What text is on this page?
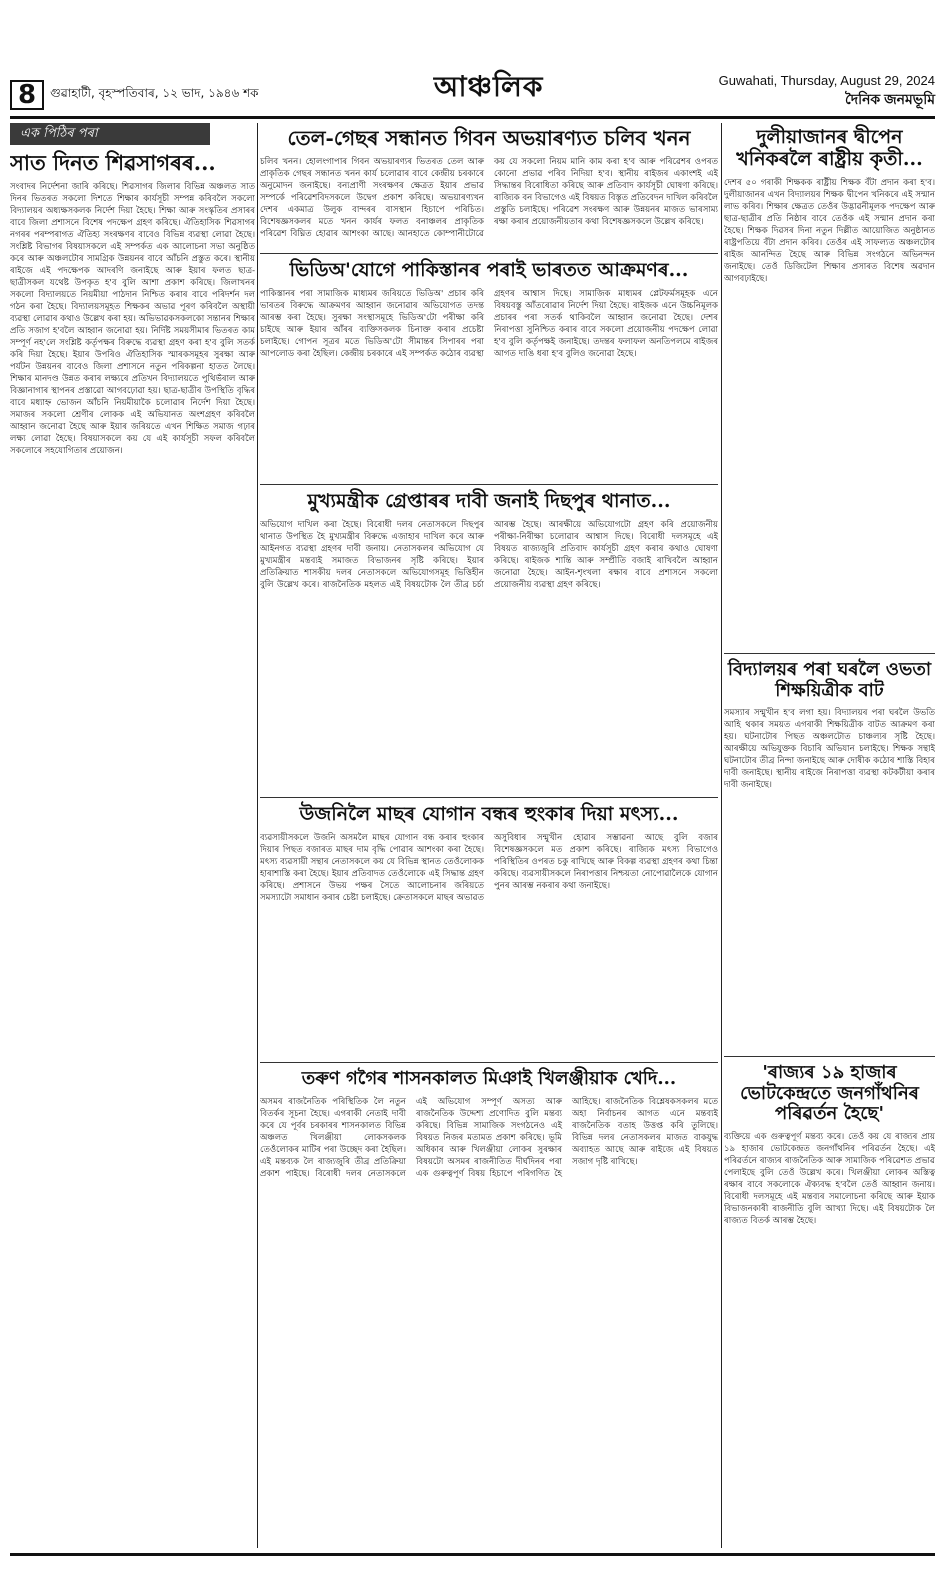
8	গুৱাহাটী, বৃহস্পতিবাৰ, ১২ ভাদ, ১৯৪৬ শক	আঞ্চলিক	Guwahati, Thursday, August 29, 2024
দৈনিক জনমভূমি
এক পিঠিৰ পৰা
সাত দিনত শিৱসাগৰৰ...

সংবাদৰ নিৰ্দেশনা জাৰি কৰিছে। শিৱসাগৰ জিলাৰ বিভিন্ন অঞ্চলত সাত দিনৰ ভিতৰত সকলো দিশতে শিক্ষাৰ কাৰ্যসূচী সম্পন্ন কৰিবলৈ সকলো বিদ্যালয়ৰ অধ্যক্ষসকলক নিৰ্দেশ দিয়া হৈছে। শিক্ষা আৰু সংস্কৃতিৰ প্ৰসাৰৰ বাবে জিলা প্ৰশাসনে বিশেষ পদক্ষেপ গ্ৰহণ কৰিছে। ঐতিহাসিক শিৱসাগৰ নগৰৰ পৰম্পৰাগত ঐতিহ্য সংৰক্ষণৰ বাবেও বিভিন্ন ব্যৱস্থা লোৱা হৈছে। সংশ্লিষ্ট বিভাগৰ বিষয়াসকলে এই সম্পৰ্কত এক আলোচনা সভা অনুষ্ঠিত কৰে আৰু অঞ্চলটোৰ সামগ্ৰিক উন্নয়নৰ বাবে আঁচনি প্ৰস্তুত কৰে। স্থানীয় ৰাইজে এই পদক্ষেপক আদৰণি জনাইছে আৰু ইয়াৰ ফলত ছাত্ৰ-ছাত্ৰীসকল যথেষ্ট উপকৃত হ'ব বুলি আশা প্ৰকাশ কৰিছে। জিলাখনৰ সকলো বিদ্যালয়তে নিয়মীয়া পাঠদান নিশ্চিত কৰাৰ বাবে পৰিদৰ্শন দল গঠন কৰা হৈছে। বিদ্যালয়সমূহত শিক্ষকৰ অভাৱ পূৰণ কৰিবলৈ অস্থায়ী ব্যৱস্থা লোৱাৰ কথাও উল্লেখ কৰা হয়। অভিভাৱকসকলকো সন্তানৰ শিক্ষাৰ প্ৰতি সজাগ হ'বলৈ আহ্বান জনোৱা হয়। নিৰ্দিষ্ট সময়সীমাৰ ভিতৰত কাম সম্পূৰ্ণ নহ'লে সংশ্লিষ্ট কৰ্তৃপক্ষৰ বিৰুদ্ধে ব্যৱস্থা গ্ৰহণ কৰা হ'ব বুলি সতৰ্ক কৰি দিয়া হৈছে। ইয়াৰ উপৰিও ঐতিহাসিক স্মাৰকসমূহৰ সুৰক্ষা আৰু পৰ্যটন উন্নয়নৰ বাবেও জিলা প্ৰশাসনে নতুন পৰিকল্পনা হাতত লৈছে। শিক্ষাৰ মানদণ্ড উন্নত কৰাৰ লক্ষ্যৰে প্ৰতিখন বিদ্যালয়তে পুথিভঁৰাল আৰু বিজ্ঞানাগাৰ স্থাপনৰ প্ৰস্তাৱো আগবঢ়োৱা হয়। ছাত্ৰ-ছাত্ৰীৰ উপস্থিতি বৃদ্ধিৰ বাবে মধ্যাহ্ন ভোজন আঁচনি নিয়মীয়াকৈ চলোৱাৰ নিৰ্দেশ দিয়া হৈছে। সমাজৰ সকলো শ্ৰেণীৰ লোকক এই অভিযানত অংশগ্ৰহণ কৰিবলৈ আহ্বান জনোৱা হৈছে আৰু ইয়াৰ জৰিয়তে এখন শিক্ষিত সমাজ গঢ়াৰ লক্ষ্য লোৱা হৈছে। বিষয়াসকলে কয় যে এই কাৰ্যসূচী সফল কৰিবলৈ সকলোৰে সহযোগিতাৰ প্ৰয়োজন।

তেল-গেছৰ সন্ধানত গিবন অভয়াৰণ্যত চলিব খনন

চলিব খনন। হোলংগাপাৰ গিবন অভয়াৰণ্যৰ ভিতৰত তেল আৰু প্ৰাকৃতিক গেছৰ সন্ধানত খনন কাৰ্য চলোৱাৰ বাবে কেন্দ্ৰীয় চৰকাৰে অনুমোদন জনাইছে। বন্যপ্ৰাণী সংৰক্ষণৰ ক্ষেত্ৰত ইয়াৰ প্ৰভাৱ সম্পৰ্কে পৰিৱেশবিদসকলে উদ্বেগ প্ৰকাশ কৰিছে। অভয়াৰণ্যখন দেশৰ একমাত্ৰ উলুক বান্দৰৰ বাসস্থান হিচাপে পৰিচিত। বিশেষজ্ঞসকলৰ মতে খনন কাৰ্যৰ ফলত বনাঞ্চলৰ প্ৰাকৃতিক পৰিৱেশ বিঘ্নিত হোৱাৰ আশংকা আছে। আনহাতে কোম্পানীটোৱে কয় যে সকলো নিয়ম মানি কাম কৰা হ'ব আৰু পৰিৱেশৰ ওপৰত কোনো প্ৰভাৱ পৰিব নিদিয়া হ'ব। স্থানীয় ৰাইজৰ একাংশই এই সিদ্ধান্তৰ বিৰোধিতা কৰিছে আৰু প্ৰতিবাদ কাৰ্যসূচী ঘোষণা কৰিছে। ৰাজ্যিক বন বিভাগেও এই বিষয়ত বিস্তৃত প্ৰতিবেদন দাখিল কৰিবলৈ প্ৰস্তুতি চলাইছে। পৰিৱেশ সংৰক্ষণ আৰু উন্নয়নৰ মাজত ভাৰসাম্য ৰক্ষা কৰাৰ প্ৰয়োজনীয়তাৰ কথা বিশেষজ্ঞসকলে উল্লেখ কৰিছে।

ভিডিঅ'যোগে পাকিস্তানৰ পৰাই ভাৰতত আক্ৰমণৰ...

পাকিস্তানৰ পৰা সামাজিক মাধ্যমৰ জৰিয়তে ভিডিঅ' প্ৰচাৰ কৰি ভাৰতৰ বিৰুদ্ধে আক্ৰমণৰ আহ্বান জনোৱাৰ অভিযোগত তদন্ত আৰম্ভ কৰা হৈছে। সুৰক্ষা সংস্থাসমূহে ভিডিঅ'টো পৰীক্ষা কৰি চাইছে আৰু ইয়াৰ আঁৰৰ ব্যক্তিসকলক চিনাক্ত কৰাৰ প্ৰচেষ্টা চলাইছে। গোপন সূত্ৰৰ মতে ভিডিঅ'টো সীমান্তৰ সিপাৰৰ পৰা আপলোড কৰা হৈছিল। কেন্দ্ৰীয় চৰকাৰে এই সম্পৰ্কত কঠোৰ ব্যৱস্থা গ্ৰহণৰ আশ্বাস দিছে। সামাজিক মাধ্যমৰ প্লেটফৰ্মসমূহক এনে বিষয়বস্তু আঁতৰোৱাৰ নিৰ্দেশ দিয়া হৈছে। ৰাইজক এনে উচ্চনিমূলক প্ৰচাৰৰ পৰা সতৰ্ক থাকিবলৈ আহ্বান জনোৱা হৈছে। দেশৰ নিৰাপত্তা সুনিশ্চিত কৰাৰ বাবে সকলো প্ৰয়োজনীয় পদক্ষেপ লোৱা হ'ব বুলি কৰ্তৃপক্ষই জনাইছে। তদন্তৰ ফলাফল অনতিপলমে ৰাইজৰ আগত দাঙি ধৰা হ'ব বুলিও জনোৱা হৈছে।

মুখ্যমন্ত্ৰীক গ্ৰেপ্তাৰৰ দাবী জনাই দিছপুৰ থানাত...

অভিযোগ দাখিল কৰা হৈছে। বিৰোধী দলৰ নেতাসকলে দিছপুৰ থানাত উপস্থিত হৈ মুখ্যমন্ত্ৰীৰ বিৰুদ্ধে এজাহাৰ দাখিল কৰে আৰু আইনগত ব্যৱস্থা গ্ৰহণৰ দাবী জনায়। নেতাসকলৰ অভিযোগ যে মুখ্যমন্ত্ৰীৰ মন্তব্যই সমাজত বিভাজনৰ সৃষ্টি কৰিছে। ইয়াৰ প্ৰতিক্ৰিয়াত শাসকীয় দলৰ নেতাসকলে অভিযোগসমূহ ভিত্তিহীন বুলি উল্লেখ কৰে। ৰাজনৈতিক মহলত এই বিষয়টোক লৈ তীব্ৰ চৰ্চা আৰম্ভ হৈছে। আৰক্ষীয়ে অভিযোগটো গ্ৰহণ কৰি প্ৰয়োজনীয় পৰীক্ষা-নিৰীক্ষা চলোৱাৰ আশ্বাস দিছে। বিৰোধী দলসমূহে এই বিষয়ত ৰাজ্যজুৰি প্ৰতিবাদ কাৰ্যসূচী গ্ৰহণ কৰাৰ কথাও ঘোষণা কৰিছে। ৰাইজক শান্তি আৰু সম্প্ৰীতি বজাই ৰাখিবলৈ আহ্বান জনোৱা হৈছে। আইন-শৃংখলা ৰক্ষাৰ বাবে প্ৰশাসনে সকলো প্ৰয়োজনীয় ব্যৱস্থা গ্ৰহণ কৰিছে।

উজনিলৈ মাছৰ যোগান বন্ধৰ হুংকাৰ দিয়া মৎস্য...

ব্যৱসায়ীসকলে উজনি অসমলৈ মাছৰ যোগান বন্ধ কৰাৰ হুংকাৰ দিয়াৰ পিছত বজাৰত মাছৰ দাম বৃদ্ধি পোৱাৰ আশংকা কৰা হৈছে। মৎস্য ব্যৱসায়ী সন্থাৰ নেতাসকলে কয় যে বিভিন্ন স্থানত তেওঁলোকক হাৰাশাস্তি কৰা হৈছে। ইয়াৰ প্ৰতিবাদত তেওঁলোকে এই সিদ্ধান্ত গ্ৰহণ কৰিছে। প্ৰশাসনে উভয় পক্ষৰ সৈতে আলোচনাৰ জৰিয়তে সমস্যাটো সমাধান কৰাৰ চেষ্টা চলাইছে। ক্ৰেতাসকলে মাছৰ অভাৱত অসুবিধাৰ সন্মুখীন হোৱাৰ সম্ভাৱনা আছে বুলি বজাৰ বিশেষজ্ঞসকলে মত প্ৰকাশ কৰিছে। ৰাজ্যিক মৎস্য বিভাগেও পৰিস্থিতিৰ ওপৰত চকু ৰাখিছে আৰু বিকল্প ব্যৱস্থা গ্ৰহণৰ কথা চিন্তা কৰিছে। ব্যৱসায়ীসকলে নিৰাপত্তাৰ নিশ্চয়তা নোপোৱালৈকে যোগান পুনৰ আৰম্ভ নকৰাৰ কথা জনাইছে।

তৰুণ গগৈৰ শাসনকালত মিঞাই খিলঞ্জীয়াক খেদি...

অসমৰ ৰাজনৈতিক পৰিস্থিতিক লৈ নতুন বিতৰ্কৰ সূচনা হৈছে। এগৰাকী নেতাই দাবী কৰে যে পূৰ্বৰ চৰকাৰৰ শাসনকালত বিভিন্ন অঞ্চলত খিলঞ্জীয়া লোকসকলক তেওঁলোকৰ মাটিৰ পৰা উচ্ছেদ কৰা হৈছিল। এই মন্তব্যক লৈ ৰাজ্যজুৰি তীব্ৰ প্ৰতিক্ৰিয়া প্ৰকাশ পাইছে। বিৰোধী দলৰ নেতাসকলে এই অভিযোগ সম্পূৰ্ণ অসত্য আৰু ৰাজনৈতিক উদ্দেশ্য প্ৰণোদিত বুলি মন্তব্য কৰিছে। বিভিন্ন সামাজিক সংগঠনেও এই বিষয়ত নিজৰ মতামত প্ৰকাশ কৰিছে। ভূমি অধিকাৰ আৰু খিলঞ্জীয়া লোকৰ সুৰক্ষাৰ বিষয়টো অসমৰ ৰাজনীতিত দীৰ্ঘদিনৰ পৰা এক গুৰুত্বপূৰ্ণ বিষয় হিচাপে পৰিগণিত হৈ আহিছে। ৰাজনৈতিক বিশ্লেষকসকলৰ মতে অহা নিৰ্বাচনৰ আগত এনে মন্তব্যই ৰাজনৈতিক বতাহ উত্তপ্ত কৰি তুলিছে। বিভিন্ন দলৰ নেতাসকলৰ মাজত বাকযুদ্ধ অব্যাহত আছে আৰু ৰাইজে এই বিষয়ত সজাগ দৃষ্টি ৰাখিছে।

দুলীয়াজানৰ দ্বীপেন খনিকৰলৈ ৰাষ্ট্ৰীয় কৃতী...

দেশৰ ৫০ গৰাকী শিক্ষকক ৰাষ্ট্ৰীয় শিক্ষক বঁটা প্ৰদান কৰা হ'ব। দুলীয়াজানৰ এখন বিদ্যালয়ৰ শিক্ষক দ্বীপেন খনিকৰে এই সন্মান লাভ কৰিব। শিক্ষাৰ ক্ষেত্ৰত তেওঁৰ উদ্ভাৱনীমূলক পদক্ষেপ আৰু ছাত্ৰ-ছাত্ৰীৰ প্ৰতি নিষ্ঠাৰ বাবে তেওঁক এই সন্মান প্ৰদান কৰা হৈছে। শিক্ষক দিৱসৰ দিনা নতুন দিল্লীত আয়োজিত অনুষ্ঠানত ৰাষ্ট্ৰপতিয়ে বঁটা প্ৰদান কৰিব। তেওঁৰ এই সাফল্যত অঞ্চলটোৰ ৰাইজ আনন্দিত হৈছে আৰু বিভিন্ন সংগঠনে অভিনন্দন জনাইছে। তেওঁ ডিজিটেল শিক্ষাৰ প্ৰসাৰত বিশেষ অৱদান আগবঢ়াইছে।

বিদ্যালয়ৰ পৰা ঘৰলৈ ওভতা শিক্ষয়িত্ৰীক বাট

সমস্যাৰ সন্মুখীন হ'ব লগা হয়। বিদ্যালয়ৰ পৰা ঘৰলৈ উভতি আহি থকাৰ সময়ত এগৰাকী শিক্ষয়িত্ৰীক বাটত আক্ৰমণ কৰা হয়। ঘটনাটোৰ পিছত অঞ্চলটোত চাঞ্চল্যৰ সৃষ্টি হৈছে। আৰক্ষীয়ে অভিযুক্তক বিচাৰি অভিযান চলাইছে। শিক্ষক সন্থাই ঘটনাটোৰ তীব্ৰ নিন্দা জনাইছে আৰু দোষীক কঠোৰ শাস্তি বিহাৰ দাবী জনাইছে। স্থানীয় ৰাইজে নিৰাপত্তা ব্যৱস্থা কটকটীয়া কৰাৰ দাবী জনাইছে।

'ৰাজ্যৰ ১৯ হাজাৰ ভোটকেন্দ্ৰতে জনগাঁথনিৰ পৰিৱৰ্তন হৈছে'

ব্যক্তিয়ে এক গুৰুত্বপূৰ্ণ মন্তব্য কৰে। তেওঁ কয় যে ৰাজ্যৰ প্ৰায় ১৯ হাজাৰ ভোটকেন্দ্ৰত জনগাঁথনিৰ পৰিৱৰ্তন হৈছে। এই পৰিৱৰ্তনে ৰাজ্যৰ ৰাজনৈতিক আৰু সামাজিক পৰিৱেশত প্ৰভাৱ পেলাইছে বুলি তেওঁ উল্লেখ কৰে। খিলঞ্জীয়া লোকৰ অস্তিত্ব ৰক্ষাৰ বাবে সকলোকে ঐক্যবদ্ধ হ'বলৈ তেওঁ আহ্বান জনায়। বিৰোধী দলসমূহে এই মন্তব্যৰ সমালোচনা কৰিছে আৰু ইয়াক বিভাজনকাৰী ৰাজনীতি বুলি আখ্যা দিছে। এই বিষয়টোক লৈ ৰাজ্যত বিতৰ্ক আৰম্ভ হৈছে।
